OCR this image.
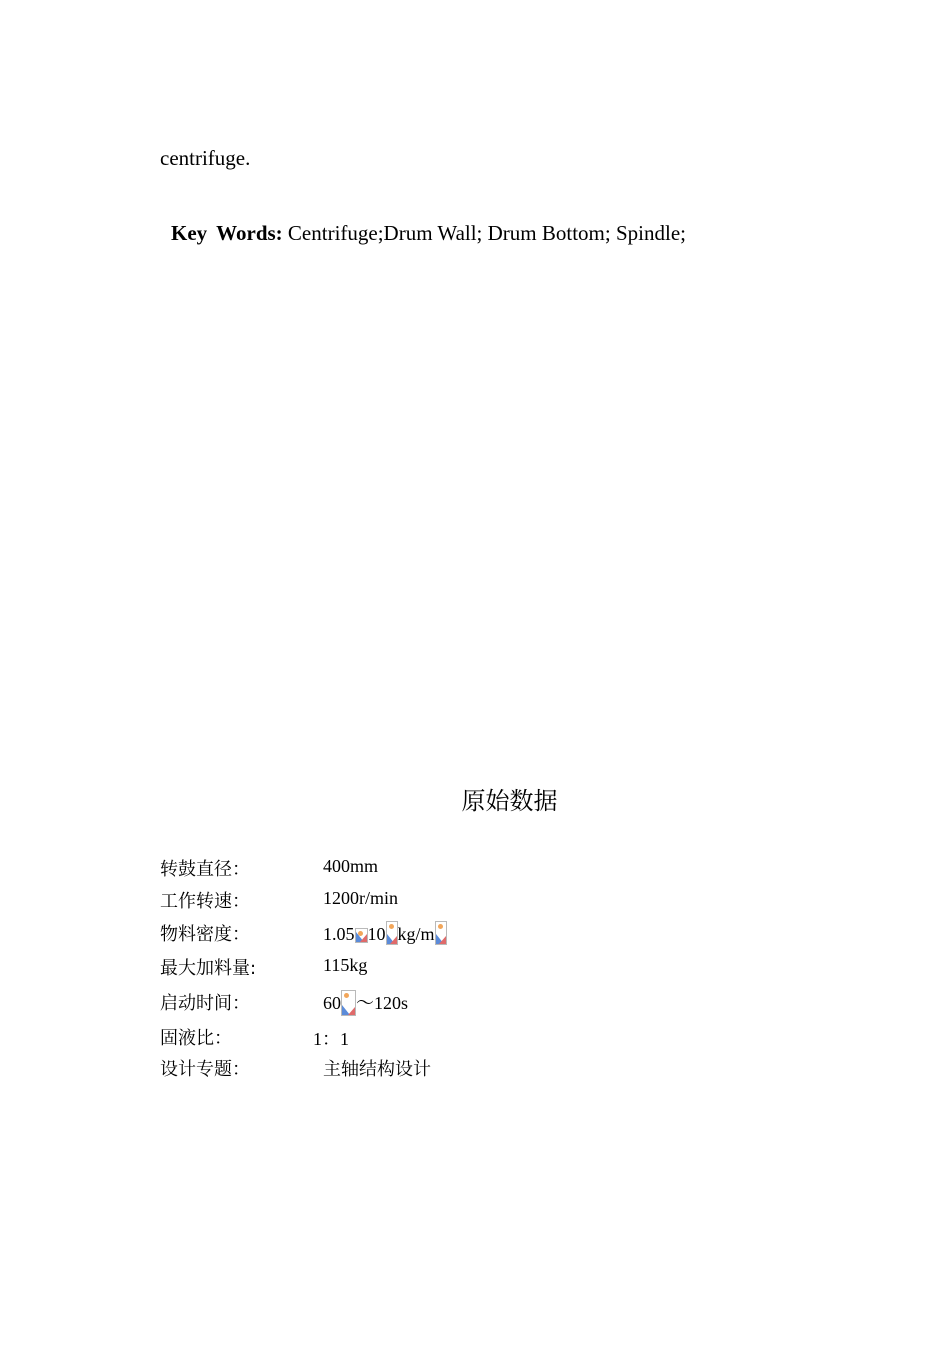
centrifuge.
Key Words: Centrifuge;Drum Wall; Drum Bottom; Spindle;
原始数据
转鼓直径：	400mm
工作转速：	1200r/min
物料密度：	1.05 10 kg/m
最大加料量:	115kg
启动时间：	60 ～120s
固液比：	1：1
设计专题：	主轴结构设计
